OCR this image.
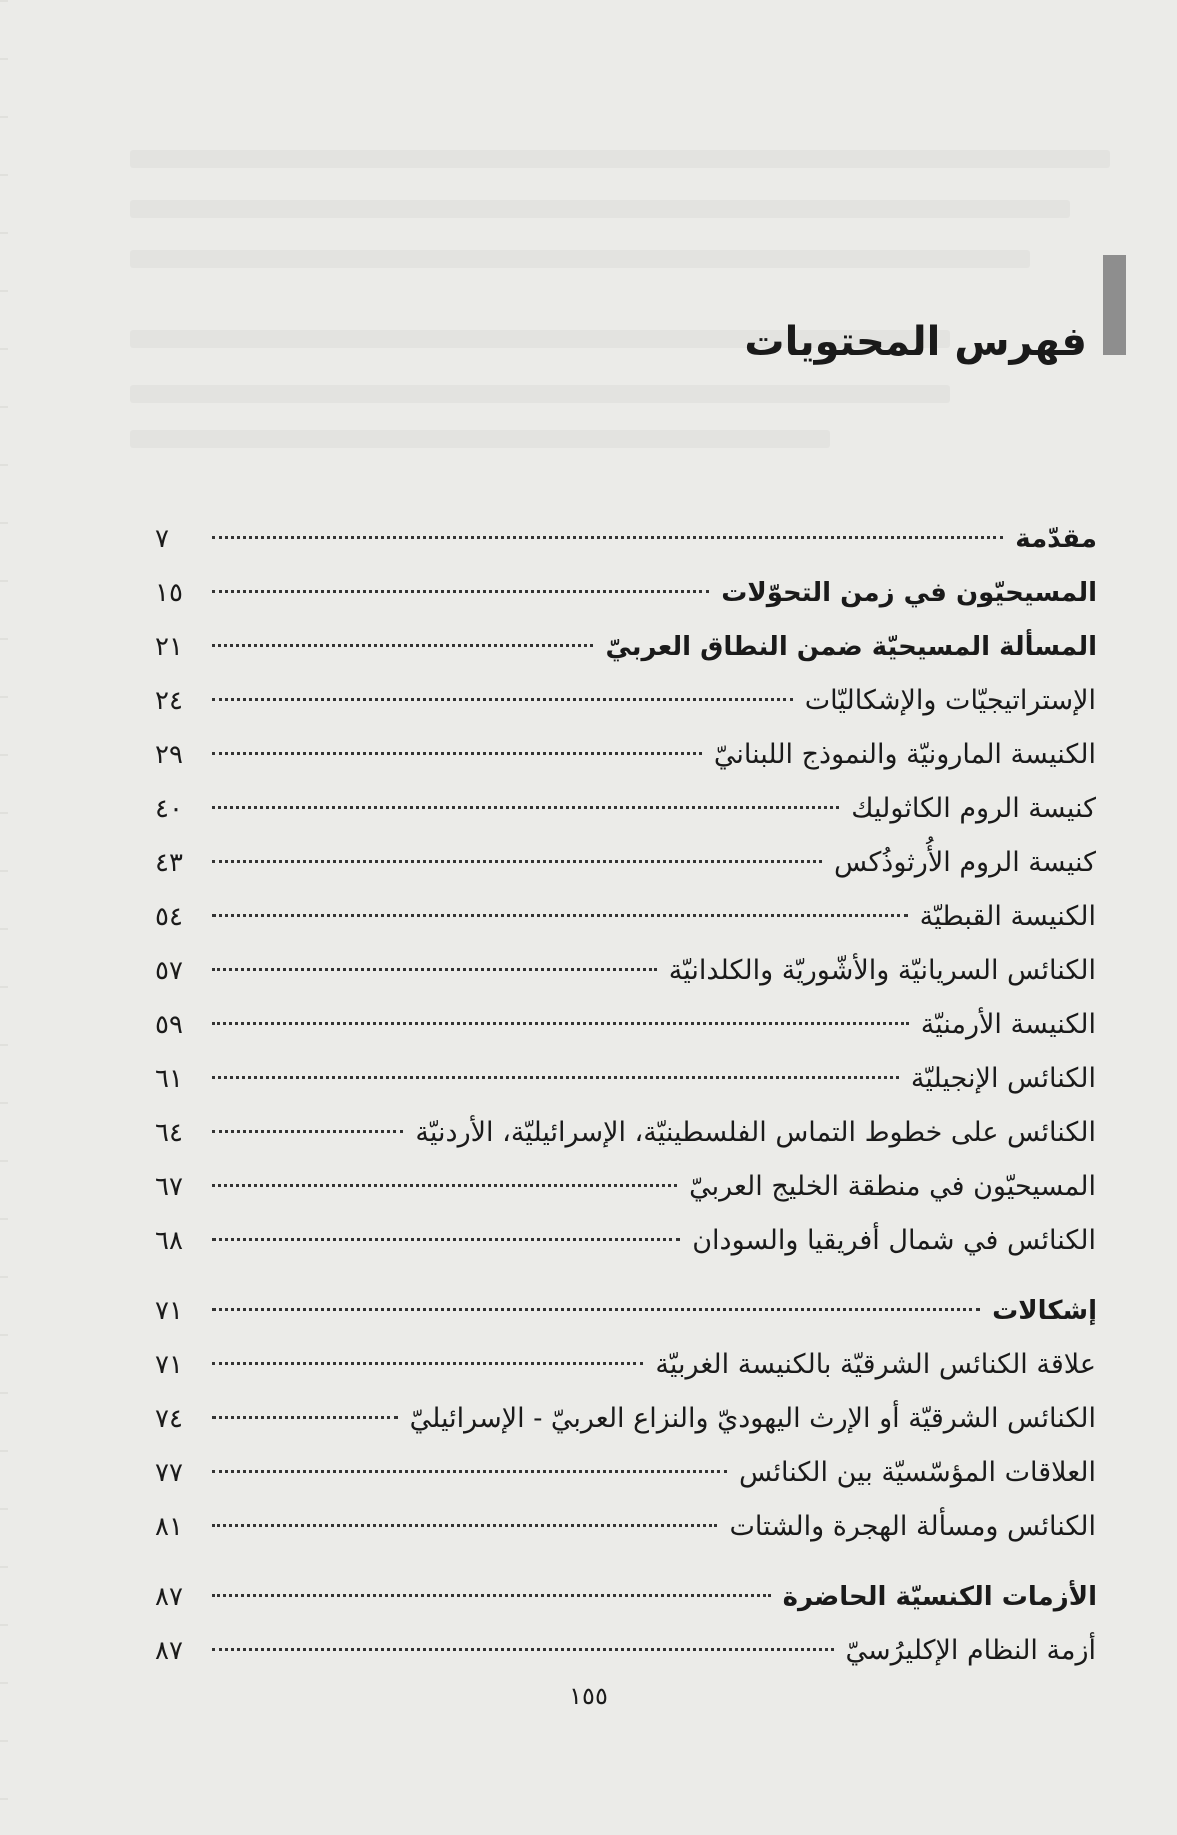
فهرس المحتويات
مقدّمة
٧
المسيحيّون في زمن التحوّلات
١٥
المسألة المسيحيّة ضمن النطاق العربيّ
٢١
الإستراتيجيّات والإشكاليّات
٢٤
الكنيسة المارونيّة والنموذج اللبنانيّ
٢٩
كنيسة الروم الكاثوليك
٤٠
كنيسة الروم الأُرثوذُكس
٤٣
الكنيسة القبطيّة
٥٤
الكنائس السريانيّة والأشّوريّة والكلدانيّة
٥٧
الكنيسة الأرمنيّة
٥٩
الكنائس الإنجيليّة
٦١
الكنائس على خطوط التماس الفلسطينيّة، الإسرائيليّة، الأردنيّة
٦٤
المسيحيّون في منطقة الخليج العربيّ
٦٧
الكنائس في شمال أفريقيا والسودان
٦٨
إشكالات
٧١
علاقة الكنائس الشرقيّة بالكنيسة الغربيّة
٧١
الكنائس الشرقيّة أو الإرث اليهوديّ والنزاع العربيّ - الإسرائيليّ
٧٤
العلاقات المؤسّسيّة بين الكنائس
٧٧
الكنائس ومسألة الهجرة والشتات
٨١
الأزمات الكنسيّة الحاضرة
٨٧
أزمة النظام الإكليرُسيّ
٨٧
١٥٥
